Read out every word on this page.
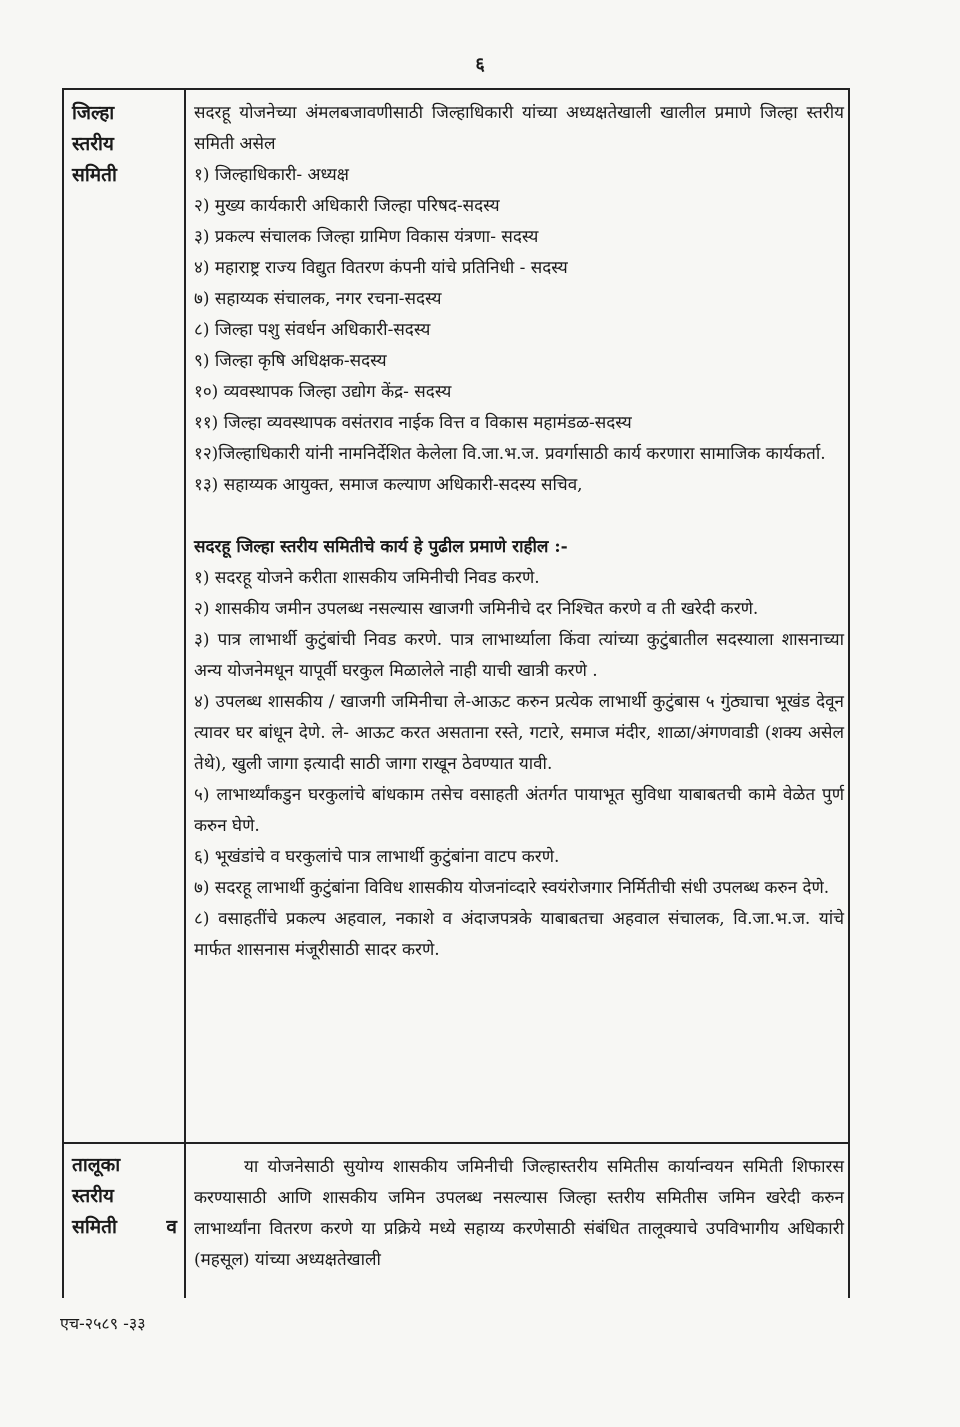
६
जिल्हा
स्तरीय
समिती

सदरहू योजनेच्या अंमलबजावणीसाठी जिल्हाधिकारी यांच्या अध्यक्षतेखाली खालील प्रमाणे जिल्हा स्तरीय समिती असेल

१) जिल्हाधिकारी- अध्यक्ष

२) मुख्य कार्यकारी अधिकारी जिल्हा परिषद-सदस्य

३) प्रकल्प संचालक जिल्हा ग्रामिण विकास यंत्रणा- सदस्य

४) महाराष्ट्र राज्य विद्युत वितरण कंपनी यांचे प्रतिनिधी - सदस्य

७) सहाय्यक संचालक, नगर रचना-सदस्य

८) जिल्हा पशु संवर्धन अधिकारी-सदस्य

९) जिल्हा कृषि अधिक्षक-सदस्य

१०) व्यवस्थापक जिल्हा उद्योग केंद्र- सदस्य

११) जिल्हा व्यवस्थापक वसंतराव नाईक वित्त व विकास महामंडळ-सदस्य

१२)जिल्हाधिकारी यांनी नामनिर्देशित केलेला वि.जा.भ.ज. प्रवर्गासाठी कार्य करणारा सामाजिक कार्यकर्ता.

१३) सहाय्यक आयुक्त, समाज कल्याण अधिकारी-सदस्य सचिव,

सदरहू जिल्हा स्तरीय समितीचे कार्य हे पुढील प्रमाणे राहील :-

१) सदरहू योजने करीता शासकीय जमिनीची निवड करणे.

२) शासकीय जमीन उपलब्ध नसल्यास खाजगी जमिनीचे दर निश्चित करणे व ती खरेदी करणे.

३) पात्र लाभार्थी कुटुंबांची निवड करणे. पात्र लाभार्थ्याला किंवा त्यांच्या कुटुंबातील सदस्याला शासनाच्या अन्य योजनेमधून यापूर्वी घरकुल मिळालेले नाही याची खात्री करणे .

४) उपलब्ध शासकीय / खाजगी जमिनीचा ले-आऊट करुन प्रत्येक लाभार्थी कुटुंबास ५ गुंठ्याचा भूखंड देवून त्यावर घर बांधून देणे. ले- आऊट करत असताना रस्ते, गटारे, समाज मंदीर, शाळा/अंगणवाडी (शक्य असेल तेथे), खुली जागा इत्यादी साठी जागा राखून ठेवण्यात यावी.

५) लाभार्थ्यांकडुन घरकुलांचे बांधकाम तसेच वसाहती अंतर्गत पायाभूत सुविधा याबाबतची कामे वेळेत पुर्ण करुन घेणे.

६) भूखंडांचे व घरकुलांचे पात्र लाभार्थी कुटुंबांना वाटप करणे.

७) सदरहू लाभार्थी कुटुंबांना विविध शासकीय योजनांव्दारे स्वयंरोजगार निर्मितीची संधी उपलब्ध करुन देणे.

८) वसाहतींचे प्रकल्प अहवाल, नकाशे व अंदाजपत्रके याबाबतचा अहवाल संचालक, वि.जा.भ.ज. यांचे मार्फत शासनास मंजूरीसाठी सादर करणे.

तालूका
स्तरीय
समिती	व

या योजनेसाठी सुयोग्य शासकीय जमिनीची जिल्हास्तरीय समितीस कार्यान्वयन समिती शिफारस करण्यासाठी आणि शासकीय जमिन उपलब्ध नसल्यास जिल्हा स्तरीय समितीस जमिन खरेदी करुन लाभार्थ्यांना वितरण करणे या प्रक्रिये मध्ये सहाय्य करणेसाठी संबंधित तालूक्याचे उपविभागीय अधिकारी (महसूल) यांच्या अध्यक्षतेखाली

एच-२५८९ -३३
